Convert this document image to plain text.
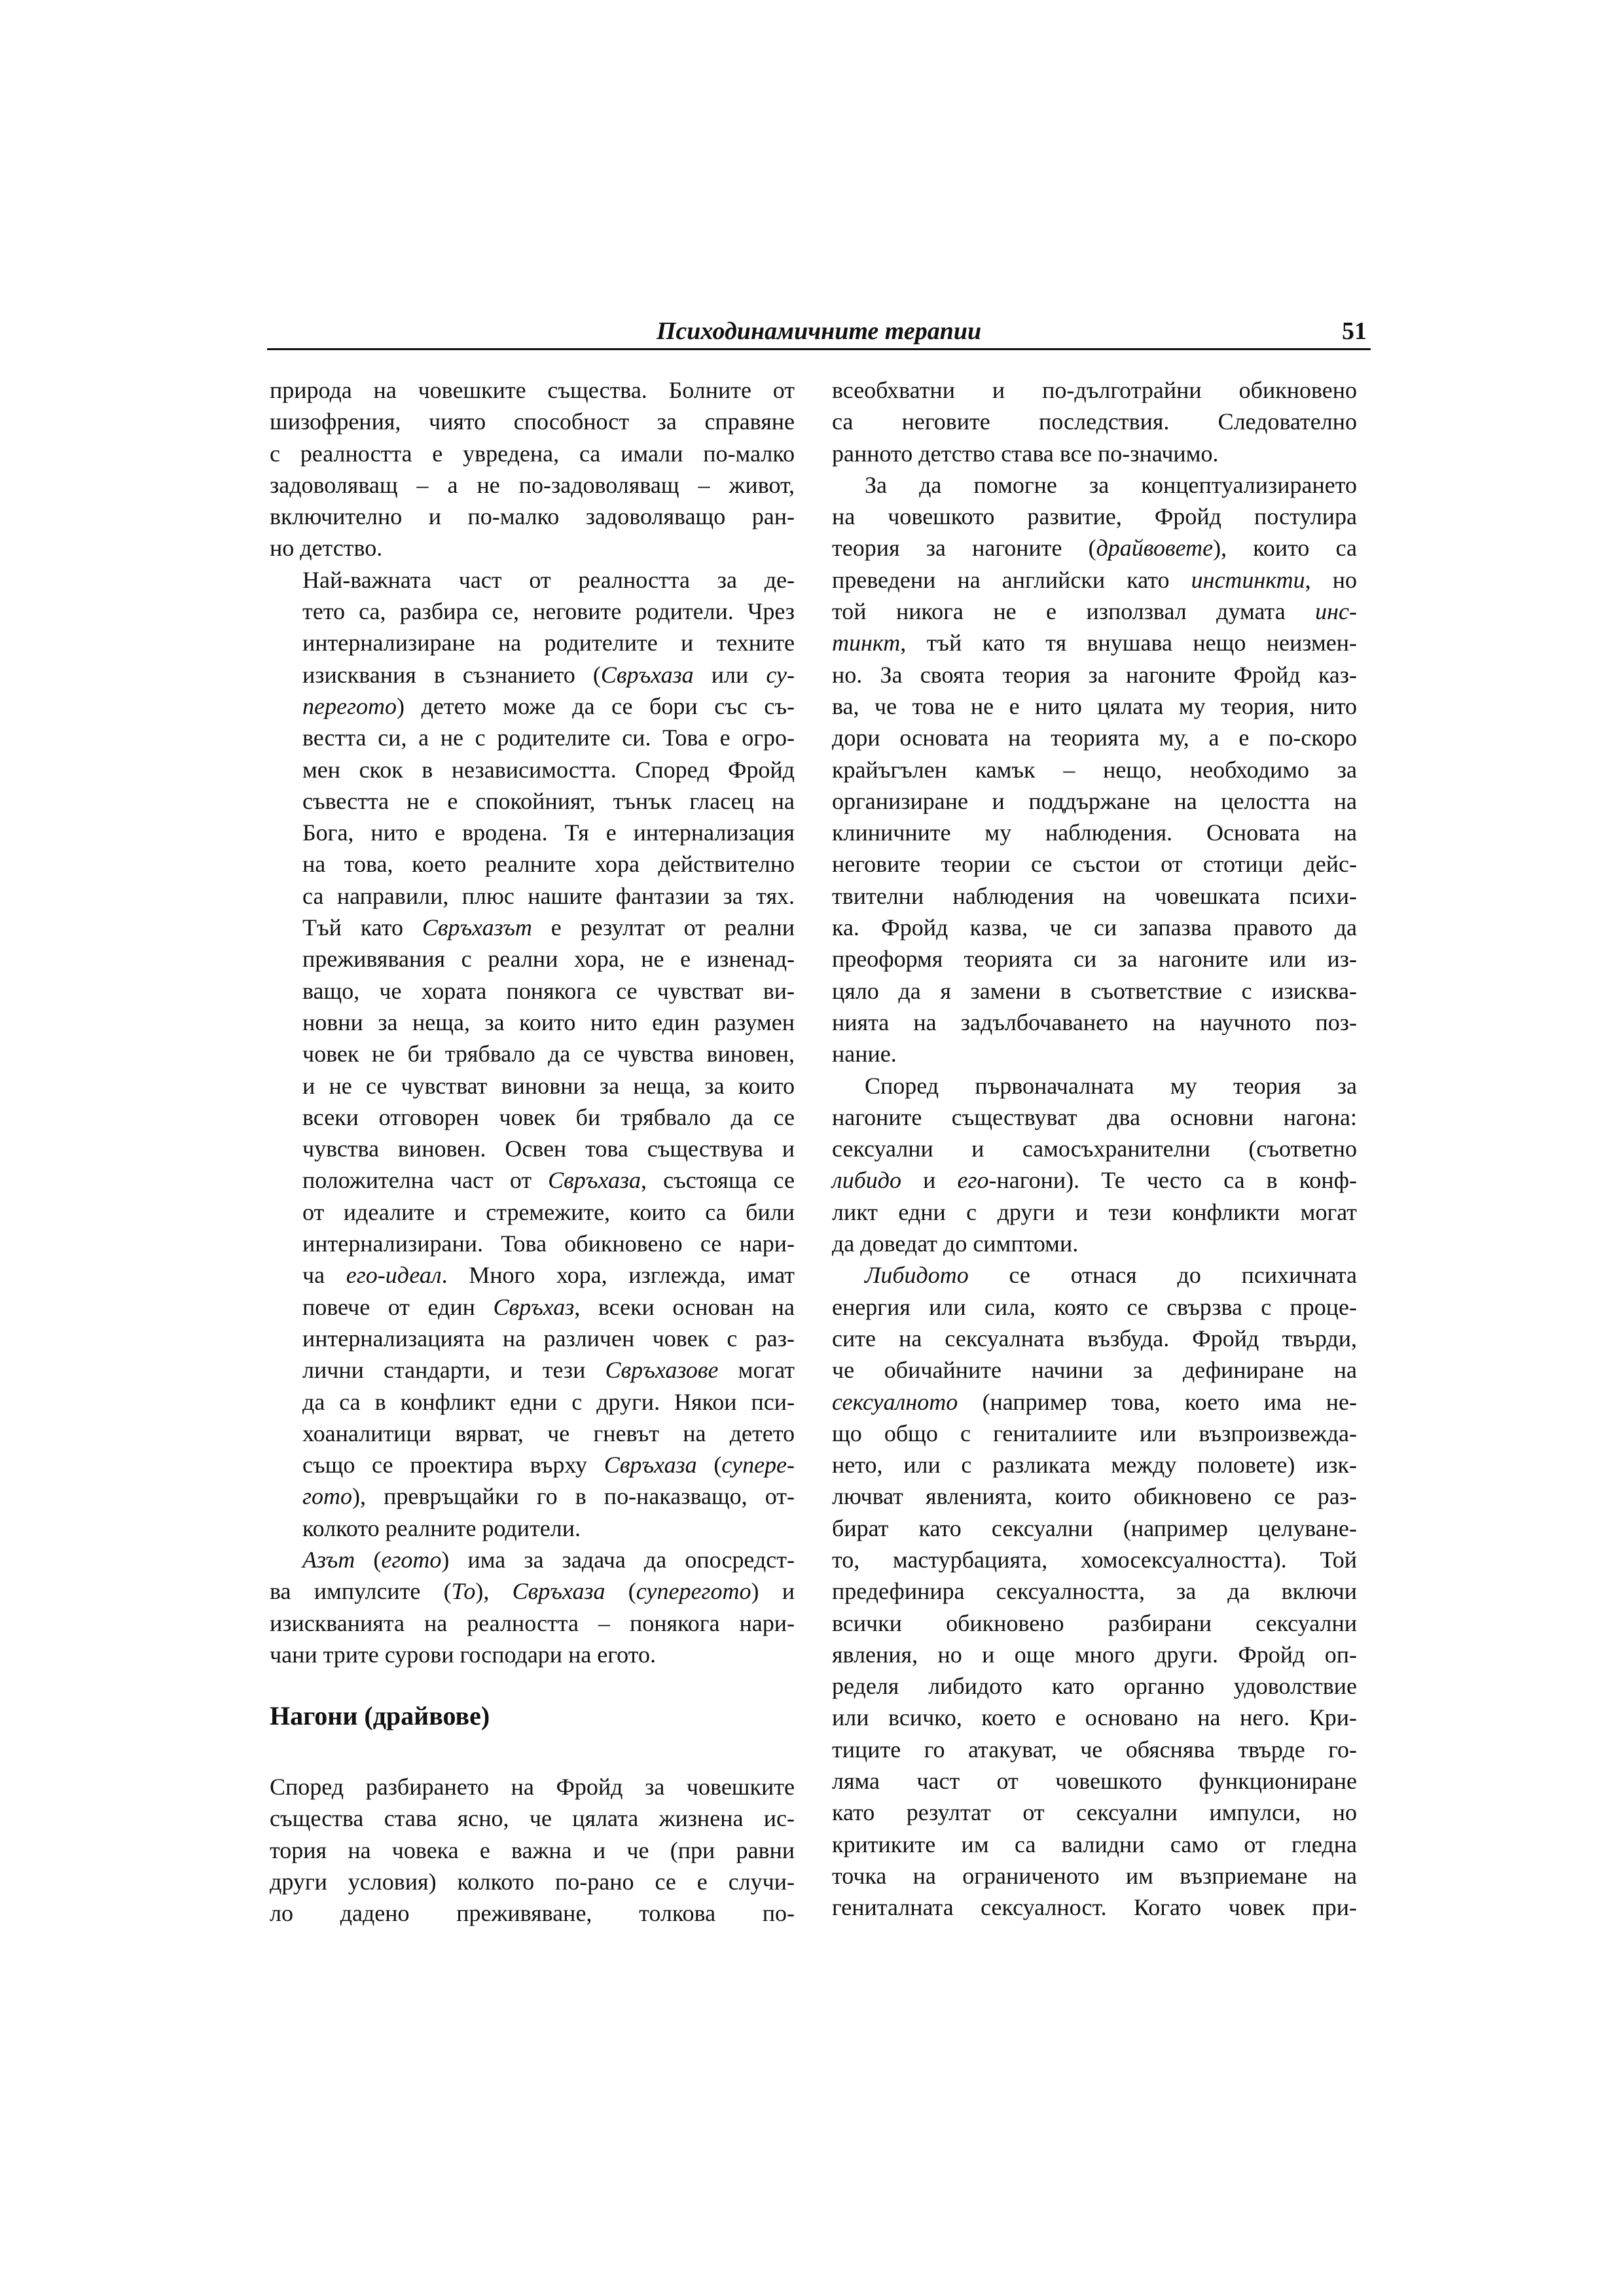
Психодинамичните терапии	51

природа на човешките същества. Болните от
шизофрения, чиято способност за справяне
с реалността е увредена, са имали по-малко
задоволяващ – а не по-задоволяващ – живот,
включително и по-малко задоволяващо ран-
но детство.

Най-важната част от реалността за де-
тето са, разбира се, неговите родители. Чрез
интернализиране на родителите и техните
изисквания в съзнанието (Свръхаза или су-
перегото) детето може да се бори със съ-
вестта си, а не с родителите си. Това е огро-
мен скок в независимостта. Според Фройд
съвестта не е спокойният, тънък гласец на
Бога, нито е вродена. Тя е интернализация
на това, което реалните хора действително
са направили, плюс нашите фантазии за тях.
Тъй като Свръхазът е резултат от реални
преживявания с реални хора, не е изненад-
ващо, че хората понякога се чувстват ви-
новни за неща, за които нито един разумен
човек не би трябвало да се чувства виновен,
и не се чувстват виновни за неща, за които
всеки отговорен човек би трябвало да се
чувства виновен. Освен това съществува и
положителна част от Свръхаза, състояща се
от идеалите и стремежите, които са били
интернализирани. Това обикновено се нари-
ча его-идеал. Много хора, изглежда, имат
повече от един Свръхаз, всеки основан на
интернализацията на различен човек с раз-
лични стандарти, и тези Свръхазове могат
да са в конфликт едни с други. Някои пси-
хоаналитици вярват, че гневът на детето
също се проектира върху Свръхаза (супере-
гото), превръщайки го в по-наказващо, от-
колкото реалните родители.

Азът (егото) има за задача да опосредст-
ва импулсите (То), Свръхаза (суперегото) и
изискванията на реалността – понякога нари-
чани трите сурови господари на егото.

Нагони (драйвове)

Според разбирането на Фройд за човешките
същества става ясно, че цялата жизнена ис-
тория на човека е важна и че (при равни
други условия) колкото по-рано се е случи-
ло дадено преживяване, толкова по-

всеобхватни и по-дълготрайни обикновено
са неговите последствия. Следователно
ранното детство става все по-значимо.

За да помогне за концептуализирането
на човешкото развитие, Фройд постулира
теория за нагоните (драйвовете), които са
преведени на английски като инстинкти, но
той никога не е използвал думата инс-
тинкт, тъй като тя внушава нещо неизмен-
но. За своята теория за нагоните Фройд каз-
ва, че това не е нито цялата му теория, нито
дори основата на теорията му, а е по-скоро
крайъгълен камък – нещо, необходимо за
организиране и поддържане на целостта на
клиничните му наблюдения. Основата на
неговите теории се състои от стотици дейс-
твителни наблюдения на човешката психи-
ка. Фройд казва, че си запазва правото да
преоформя теорията си за нагоните или из-
цяло да я замени в съответствие с изисква-
нията на задълбочаването на научното поз-
нание.

Според първоначалната му теория за
нагоните съществуват два основни нагона:
сексуални и самосъхранителни (съответно
либидо и его-нагони). Те често са в конф-
ликт едни с други и тези конфликти могат
да доведат до симптоми.

Либидото се отнася до психичната
енергия или сила, която се свързва с проце-
сите на сексуалната възбуда. Фройд твърди,
че обичайните начини за дефиниране на
сексуалното (например това, което има не-
що общо с гениталиите или възпроизвежда-
нето, или с разликата между половете) изк-
лючват явленията, които обикновено се раз-
бират като сексуални (например целуване-
то, мастурбацията, хомосексуалността). Той
предефинира сексуалността, за да включи
всички обикновено разбирани сексуални
явления, но и още много други. Фройд оп-
ределя либидото като органно удоволствие
или всичко, което е основано на него. Кри-
тиците го атакуват, че обяснява твърде го-
ляма част от човешкото функциониране
като резултат от сексуални импулси, но
критиките им са валидни само от гледна
точка на ограниченото им възприемане на
гениталната сексуалност. Когато човек при-
